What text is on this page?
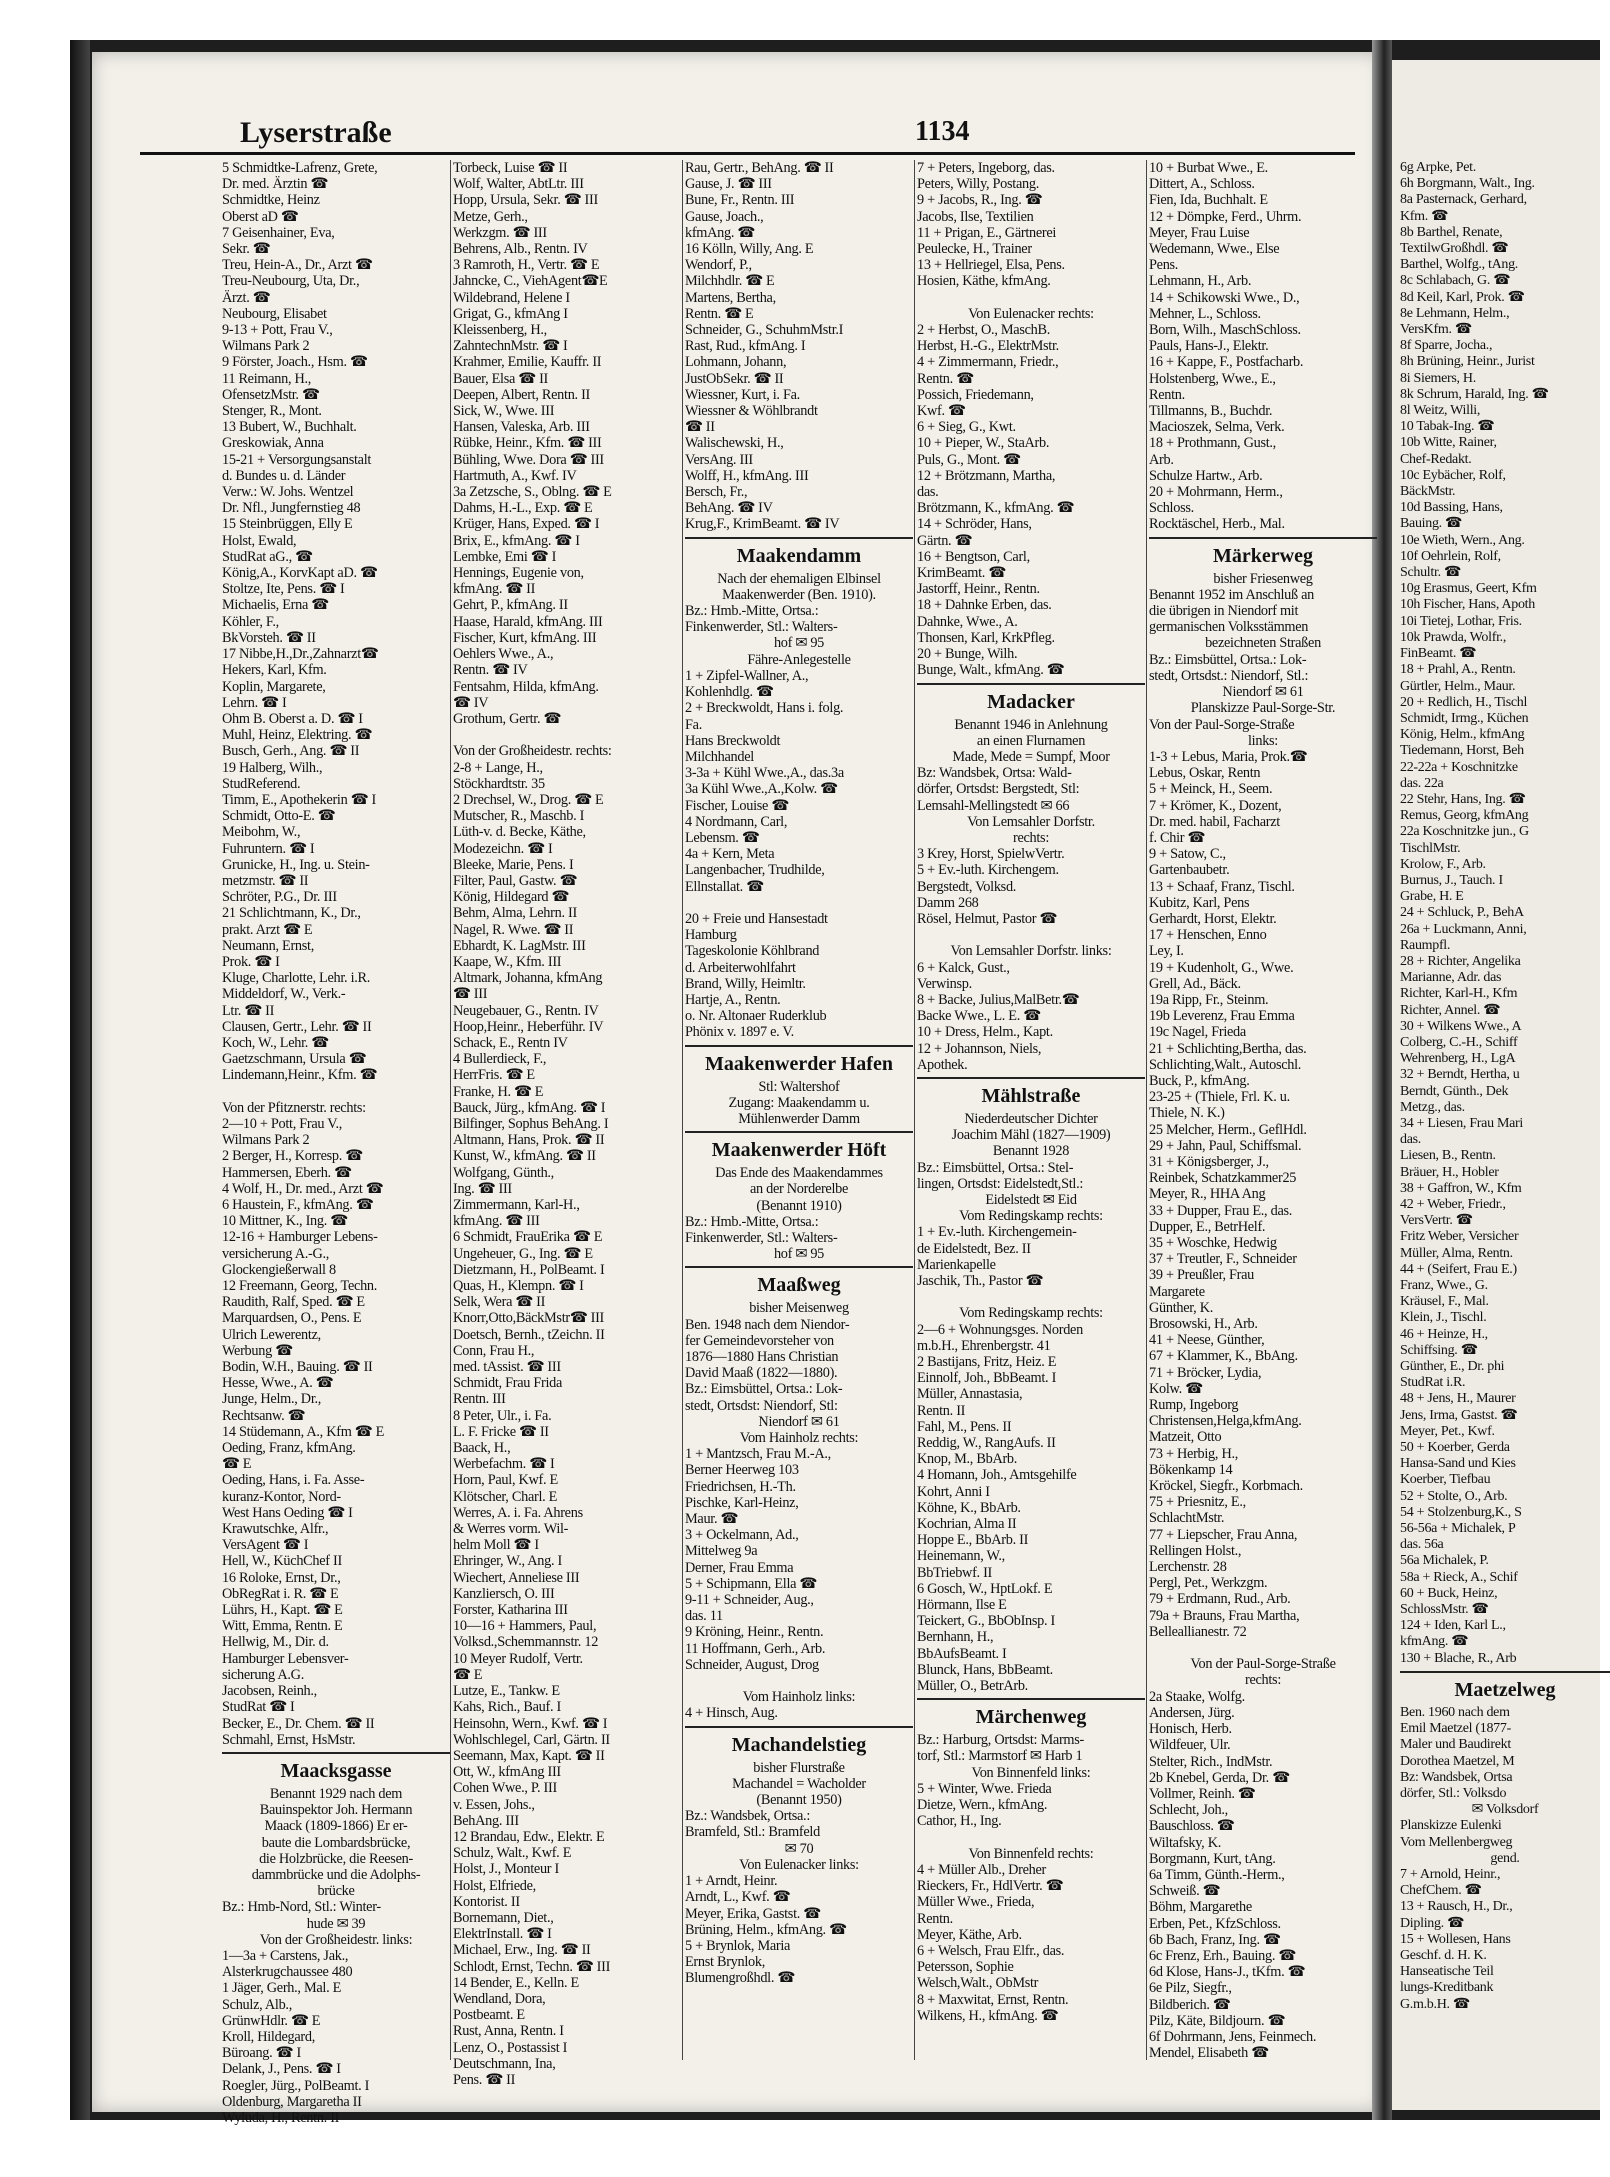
6g Arpke, Pet.
6h Borgmann, Walt., Ing.
8a Pasternack, Gerhard,
Kfm. ☎
8b Barthel, Renate,
TextilwGroßhdl. ☎
Barthel, Wolfg., tAng.
8c Schlabach, G. ☎
8d Keil, Karl, Prok. ☎
8e Lehmann, Helm.,
VersKfm. ☎
8f Sparre, Jocha.,
8h Brüning, Heinr., Jurist
8i Siemers, H.
8k Schrum, Harald, Ing. ☎
8l Weitz, Willi,
10 Tabak-Ing. ☎
10b Witte, Rainer,
Chef-Redakt.
10c Eybächer, Rolf,
BäckMstr.
10d Bassing, Hans,
Bauing. ☎
10e Wieth, Wern., Ang.
10f Oehrlein, Rolf,
Schultr. ☎
10g Erasmus, Geert, Kfm
10h Fischer, Hans, Apoth
10i Tietej, Lothar, Fris.
10k Prawda, Wolfr.,
FinBeamt. ☎
18 + Prahl, A., Rentn.
Gürtler, Helm., Maur.
20 + Redlich, H., Tischl
Schmidt, Irmg., Küchen
König, Helm., kfmAng
Tiedemann, Horst, Beh
22-22a + Koschnitzke
das. 22a
22 Stehr, Hans, Ing. ☎
Remus, Georg, kfmAng
22a Koschnitzke jun., G
TischlMstr.
Krolow, F., Arb.
Burnus, J., Tauch. I
Grabe, H. E
24 + Schluck, P., BehA
26a + Luckmann, Anni,
Raumpfl.
28 + Richter, Angelika
Marianne, Adr. das
Richter, Karl-H., Kfm
Richter, Annel. ☎
30 + Wilkens Wwe., A
Colberg, C.-H., Schiff
Wehrenberg, H., LgA
32 + Berndt, Hertha, u
Berndt, Günth., Dek
Metzg., das.
34 + Liesen, Frau Mari
das.
Liesen, B., Rentn.
Bräuer, H., Hobler
38 + Gaffron, W., Kfm
42 + Weber, Friedr.,
VersVertr. ☎
Fritz Weber, Versicher
Müller, Alma, Rentn.
44 + (Seifert, Frau E.)
Franz, Wwe., G.
Kräusel, F., Mal.
Klein, J., Tischl.
46 + Heinze, H.,
Schiffsing. ☎
Günther, E., Dr. phi
StudRat i.R.
48 + Jens, H., Maurer
Jens, Irma, Gastst. ☎
Meyer, Pet., Kwf.
50 + Koerber, Gerda
Hansa-Sand und Kies
Koerber, Tiefbau
52 + Stolte, O., Arb.
54 + Stolzenburg,K., S
56-56a + Michalek, P
das. 56a
56a Michalek, P.
58a + Rieck, A., Schif
60 + Buck, Heinz,
SchlossMstr. ☎
124 + Iden, Karl L.,
kfmAng. ☎
130 + Blache, R., Arb
Maetzelweg
Ben. 1960 nach dem
Emil Maetzel (1877-
Maler und Baudirekt
Dorothea Maetzel, M
Bz: Wandsbek, Ortsa
dörfer, Stl.: Volksdo
✉ Volksdorf
Planskizze Eulenki
Vom Mellenbergweg
gend.
7 + Arnold, Heinr.,
ChefChem. ☎
13 + Rausch, H., Dr.,
Dipling. ☎
15 + Wollesen, Hans
Geschf. d. H. K.
Hanseatische Teil
lungs-Kreditbank
G.m.b.H. ☎
Lyserstraße	1134
5 Schmidtke-Lafrenz, Grete,
Dr. med. Ärztin ☎
Schmidtke, Heinz
Oberst aD ☎
7 Geisenhainer, Eva,
Sekr. ☎
Treu, Hein-A., Dr., Arzt ☎
Treu-Neubourg, Uta, Dr.,
Ärzt. ☎
Neubourg, Elisabet
9-13 + Pott, Frau V.,
Wilmans Park 2
9 Förster, Joach., Hsm. ☎
11 Reimann, H.,
OfensetzMstr. ☎
Stenger, R., Mont.
13 Bubert, W., Buchhalt.
Greskowiak, Anna
15-21 + Versorgungsanstalt
d. Bundes u. d. Länder
Verw.: W. Johs. Wentzel
Dr. Nfl., Jungfernstieg 48
15 Steinbrüggen, Elly E
Holst, Ewald,
StudRat aG., ☎
König,A., KorvKapt aD. ☎
Stoltze, Ite, Pens. ☎ I
Michaelis, Erna ☎
Köhler, F.,
BkVorsteh. ☎ II
17 Nibbe,H.,Dr.,Zahnarzt☎
Hekers, Karl, Kfm.
Koplin, Margarete,
Lehrn. ☎ I
Ohm B. Oberst a. D. ☎ I
Muhl, Heinz, Elektring. ☎
Busch, Gerh., Ang. ☎ II
19 Halberg, Wilh.,
StudReferend.
Timm, E., Apothekerin ☎ I
Schmidt, Otto-E. ☎
Meibohm, W.,
Fuhruntern. ☎ I
Grunicke, H., Ing. u. Stein-
metzmstr. ☎ II
Schröter, P.G., Dr. III
21 Schlichtmann, K., Dr.,
prakt. Arzt ☎ E
Neumann, Ernst,
Prok. ☎ I
Kluge, Charlotte, Lehr. i.R.
Middeldorf, W., Verk.-
Ltr. ☎ II
Clausen, Gertr., Lehr. ☎ II
Koch, W., Lehr. ☎
Gaetzschmann, Ursula ☎
Lindemann,Heinr., Kfm. ☎

Von der Pfitznerstr. rechts:
2—10 + Pott, Frau V.,
Wilmans Park 2
2 Berger, H., Korresp. ☎
Hammersen, Eberh. ☎
4 Wolf, H., Dr. med., Arzt ☎
6 Haustein, F., kfmAng. ☎
10 Mittner, K., Ing. ☎
12-16 + Hamburger Lebens-
versicherung A.-G.,
Glockengießerwall 8
12 Freemann, Georg, Techn.
Raudith, Ralf, Sped. ☎ E
Marquardsen, O., Pens. E
Ulrich Lewerentz,
Werbung ☎
Bodin, W.H., Bauing. ☎ II
Hesse, Wwe., A. ☎
Junge, Helm., Dr.,
Rechtsanw. ☎
14 Stüdemann, A., Kfm ☎ E
Oeding, Franz, kfmAng.
☎ E
Oeding, Hans, i. Fa. Asse-
kuranz-Kontor, Nord-
West Hans Oeding ☎ I
Krawutschke, Alfr.,
VersAgent ☎ I
Hell, W., KüchChef II
16 Roloke, Ernst, Dr.,
ObRegRat i. R. ☎ E
Lührs, H., Kapt. ☎ E
Witt, Emma, Rentn. E
Hellwig, M., Dir. d.
Hamburger Lebensver-
sicherung A.G.
Jacobsen, Reinh.,
StudRat ☎ I
Becker, E., Dr. Chem. ☎ II
Schmahl, Ernst, HsMstr.
Maacksgasse
Benannt 1929 nach dem
Bauinspektor Joh. Hermann
Maack (1809-1866) Er er-
baute die Lombardsbrücke,
die Holzbrücke, die Reesen-
dammbrücke und die Adolphs-
brücke
Bz.: Hmb-Nord, Stl.: Winter-
hude ✉ 39
Von der Großheidestr. links:
1—3a + Carstens, Jak.,
Alsterkrugchaussee 480
1 Jäger, Gerh., Mal. E
Schulz, Alb.,
GrünwHdlr. ☎ E
Kroll, Hildegard,
Büroang. ☎ I
Delank, J., Pens. ☎ I
Roegler, Jürg., PolBeamt. I
Oldenburg, Margaretha II
Wyluda, H., Rentn. II
Torbeck, Luise ☎ II
Wolf, Walter, AbtLtr. III
Hopp, Ursula, Sekr. ☎ III
Metze, Gerh.,
Werkzgm. ☎ III
Behrens, Alb., Rentn. IV
3 Ramroth, H., Vertr. ☎ E
Jahncke, C., ViehAgent☎E
Wildebrand, Helene I
Grigat, G., kfmAng I
Kleissenberg, H.,
ZahntechnMstr. ☎ I
Krahmer, Emilie, Kauffr. II
Bauer, Elsa ☎ II
Deepen, Albert, Rentn. II
Sick, W., Wwe. III
Hansen, Valeska, Arb. III
Rübke, Heinr., Kfm. ☎ III
Bühling, Wwe. Dora ☎ III
Hartmuth, A., Kwf. IV
3a Zetzsche, S., Oblng. ☎ E
Dahms, H.-L., Exp. ☎ E
Krüger, Hans, Exped. ☎ I
Brix, E., kfmAng. ☎ I
Lembke, Emi ☎ I
Hennings, Eugenie von,
kfmAng. ☎ II
Gehrt, P., kfmAng. II
Haase, Harald, kfmAng. III
Fischer, Kurt, kfmAng. III
Oehlers Wwe., A.,
Rentn. ☎ IV
Fentsahm, Hilda, kfmAng.
☎ IV
Grothum, Gertr. ☎

Von der Großheidestr. rechts:
2-8 + Lange, H.,
Stöckhardtstr. 35
2 Drechsel, W., Drog. ☎ E
Mutscher, R., Maschb. I
Lüth-v. d. Becke, Käthe,
Modezeichn. ☎ I
Bleeke, Marie, Pens. I
Filter, Paul, Gastw. ☎
König, Hildegard ☎
Behm, Alma, Lehrn. II
Nagel, R. Wwe. ☎ II
Ebhardt, K. LagMstr. III
Kaape, W., Kfm. III
Altmark, Johanna, kfmAng
☎ III
Neugebauer, G., Rentn. IV
Hoop,Heinr., Heberführ. IV
Schack, E., Rentn IV
4 Bullerdieck, F.,
HerrFris. ☎ E
Franke, H. ☎ E
Bauck, Jürg., kfmAng. ☎ I
Bilfinger, Sophus BehAng. I
Altmann, Hans, Prok. ☎ II
Kunst, W., kfmAng. ☎ II
Wolfgang, Günth.,
Ing. ☎ III
Zimmermann, Karl-H.,
kfmAng. ☎ III
6 Schmidt, FrauErika ☎ E
Ungeheuer, G., Ing. ☎ E
Dietzmann, H., PolBeamt. I
Quas, H., Klempn. ☎ I
Selk, Wera ☎ II
Knorr,Otto,BäckMstr☎ III
Doetsch, Bernh., tZeichn. II
Conn, Frau H.,
med. tAssist. ☎ III
Schmidt, Frau Frida
Rentn. III
8 Peter, Ulr., i. Fa.
L. F. Fricke ☎ II
Baack, H.,
Werbefachm. ☎ I
Horn, Paul, Kwf. E
Klötscher, Charl. E
Werres, A. i. Fa. Ahrens
& Werres vorm. Wil-
helm Moll ☎ I
Ehringer, W., Ang. I
Wiechert, Anneliese III
Kanzliersch, O. III
Forster, Katharina III
10—16 + Hammers, Paul,
Volksd.,Schemmannstr. 12
10 Meyer Rudolf, Vertr.
☎ E
Lutze, E., Tankw. E
Kahs, Rich., Bauf. I
Heinsohn, Wern., Kwf. ☎ I
Wohlschlegel, Carl, Gärtn. II
Seemann, Max, Kapt. ☎ II
Ott, W., kfmAng III
Cohen Wwe., P. III
v. Essen, Johs.,
BehAng. III
12 Brandau, Edw., Elektr. E
Schulz, Walt., Kwf. E
Holst, J., Monteur I
Holst, Elfriede,
Kontorist. II
Bornemann, Diet.,
ElektrInstall. ☎ I
Michael, Erw., Ing. ☎ II
Schlodt, Ernst, Techn. ☎ III
14 Bender, E., Kelln. E
Wendland, Dora,
Postbeamt. E
Rust, Anna, Rentn. I
Lenz, O., Postassist I
Deutschmann, Ina,
Pens. ☎ II
Rau, Gertr., BehAng. ☎ II
Gause, J. ☎ III
Bune, Fr., Rentn. III
Gause, Joach.,
kfmAng. ☎
16 Kölln, Willy, Ang. E
Wendorf, P.,
Milchhdlr. ☎ E
Martens, Bertha,
Rentn. ☎ E
Schneider, G., SchuhmMstr.I
Rast, Rud., kfmAng. I
Lohmann, Johann,
JustObSekr. ☎ II
Wiessner, Kurt, i. Fa.
Wiessner & Wöhlbrandt
☎ II
Walischewski, H.,
VersAng. III
Wolff, H., kfmAng. III
Bersch, Fr.,
BehAng. ☎ IV
Krug,F., KrimBeamt. ☎ IV
Maakendamm
Nach der ehemaligen Elbinsel
Maakenwerder (Ben. 1910).
Bz.: Hmb.-Mitte, Ortsa.:
Finkenwerder, Stl.: Walters-
hof ✉ 95
Fähre-Anlegestelle
1 + Zipfel-Wallner, A.,
Kohlenhdlg. ☎
2 + Breckwoldt, Hans i. folg.
Fa.
Hans Breckwoldt
Milchhandel
3-3a + Kühl Wwe.,A., das.3a
3a Kühl Wwe.,A.,Kolw. ☎
Fischer, Louise ☎
4 Nordmann, Carl,
Lebensm. ☎
4a + Kern, Meta
Langenbacher, Trudhilde,
Ellnstallat. ☎

20 + Freie und Hansestadt
Hamburg
Tageskolonie Köhlbrand
d. Arbeiterwohlfahrt
Brand, Willy, Heimltr.
Hartje, A., Rentn.
o. Nr. Altonaer Ruderklub
Phönix v. 1897 e. V.
Maakenwerder Hafen
Stl: Waltershof
Zugang: Maakendamm u.
Mühlenwerder Damm
Maakenwerder Höft
Das Ende des Maakendammes
an der Norderelbe
(Benannt 1910)
Bz.: Hmb.-Mitte, Ortsa.:
Finkenwerder, Stl.: Walters-
hof ✉ 95
Maaßweg
bisher Meisenweg
Ben. 1948 nach dem Niendor-
fer Gemeindevorsteher von
1876—1880 Hans Christian
David Maaß (1822—1880).
Bz.: Eimsbüttel, Ortsa.: Lok-
stedt, Ortsdst: Niendorf, Stl:
Niendorf ✉ 61
Vom Hainholz rechts:
1 + Mantzsch, Frau M.-A.,
Berner Heerweg 103
Friedrichsen, H.-Th.
Pischke, Karl-Heinz,
Maur. ☎
3 + Ockelmann, Ad.,
Mittelweg 9a
Derner, Frau Emma
5 + Schipmann, Ella ☎
9-11 + Schneider, Aug.,
das. 11
9 Kröning, Heinr., Rentn.
11 Hoffmann, Gerh., Arb.
Schneider, August, Drog

Vom Hainholz links:
4 + Hinsch, Aug.
Machandelstieg
bisher Flurstraße
Machandel = Wacholder
(Benannt 1950)
Bz.: Wandsbek, Ortsa.:
Bramfeld, Stl.: Bramfeld
✉ 70
Von Eulenacker links:
1 + Arndt, Heinr.
Arndt, L., Kwf. ☎
Meyer, Erika, Gastst. ☎
Brüning, Helm., kfmAng. ☎
5 + Brynlok, Maria
Ernst Brynlok,
Blumengroßhdl. ☎
7 + Peters, Ingeborg, das.
Peters, Willy, Postang.
9 + Jacobs, R., Ing. ☎
Jacobs, Ilse, Textilien
11 + Prigan, E., Gärtnerei
Peulecke, H., Trainer
13 + Hellriegel, Elsa, Pens.
Hosien, Käthe, kfmAng.

Von Eulenacker rechts:
2 + Herbst, O., MaschB.
Herbst, H.-G., ElektrMstr.
4 + Zimmermann, Friedr.,
Rentn. ☎
Possich, Friedemann,
Kwf. ☎
6 + Sieg, G., Kwt.
10 + Pieper, W., StaArb.
Puls, G., Mont. ☎
12 + Brötzmann, Martha,
das.
Brötzmann, K., kfmAng. ☎
14 + Schröder, Hans,
Gärtn. ☎
16 + Bengtson, Carl,
KrimBeamt. ☎
Jastorff, Heinr., Rentn.
18 + Dahnke Erben, das.
Dahnke, Wwe., A.
Thonsen, Karl, KrkPfleg.
20 + Bunge, Wilh.
Bunge, Walt., kfmAng. ☎
Madacker
Benannt 1946 in Anlehnung
an einen Flurnamen
Made, Mede = Sumpf, Moor
Bz: Wandsbek, Ortsa: Wald-
dörfer, Ortsdst: Bergstedt, Stl:
Lemsahl-Mellingstedt ✉ 66
Von Lemsahler Dorfstr.
rechts:
3 Krey, Horst, SpielwVertr.
5 + Ev.-luth. Kirchengem.
Bergstedt, Volksd.
Damm 268
Rösel, Helmut, Pastor ☎

Von Lemsahler Dorfstr. links:
6 + Kalck, Gust.,
Verwinsp.
8 + Backe, Julius,MalBetr.☎
Backe Wwe., L. E. ☎
10 + Dress, Helm., Kapt.
12 + Johannson, Niels,
Apothek.
Mählstraße
Niederdeutscher Dichter
Joachim Mähl (1827—1909)
Benannt 1928
Bz.: Eimsbüttel, Ortsa.: Stel-
lingen, Ortsdst: Eidelstedt,Stl.:
Eidelstedt ✉ Eid
Vom Redingskamp rechts:
1 + Ev.-luth. Kirchengemein-
de Eidelstedt, Bez. II
Marienkapelle
Jaschik, Th., Pastor ☎

Vom Redingskamp rechts:
2—6 + Wohnungsges. Norden
m.b.H., Ehrenbergstr. 41
2 Bastijans, Fritz, Heiz. E
Einnolf, Joh., BbBeamt. I
Müller, Annastasia,
Rentn. II
Fahl, M., Pens. II
Reddig, W., RangAufs. II
Knop, M., BbArb.
4 Homann, Joh., Amtsgehilfe
Kohrt, Anni I
Köhne, K., BbArb.
Kochrian, Alma II
Hoppe E., BbArb. II
Heinemann, W.,
BbTriebwf. II
6 Gosch, W., HptLokf. E
Hörmann, Ilse E
Teickert, G., BbObInsp. I
Bernhann, H.,
BbAufsBeamt. I
Blunck, Hans, BbBeamt.
Müller, O., BetrArb.
Märchenweg
Bz.: Harburg, Ortsdst: Marms-
torf, Stl.: Marmstorf ✉ Harb 1
Von Binnenfeld links:
5 + Winter, Wwe. Frieda
Dietze, Wern., kfmAng.
Cathor, H., Ing.

Von Binnenfeld rechts:
4 + Müller Alb., Dreher
Rieckers, Fr., HdlVertr. ☎
Müller Wwe., Frieda,
Rentn.
Meyer, Käthe, Arb.
6 + Welsch, Frau Elfr., das.
Petersson, Sophie
Welsch,Walt., ObMstr
8 + Maxwitat, Ernst, Rentn.
Wilkens, H., kfmAng. ☎
10 + Burbat Wwe., E.
Dittert, A., Schloss.
Fien, Ida, Buchhalt. E
12 + Dömpke, Ferd., Uhrm.
Meyer, Frau Luise
Wedemann, Wwe., Else
Pens.
Lehmann, H., Arb.
14 + Schikowski Wwe., D.,
Mehner, L., Schloss.
Born, Wilh., MaschSchloss.
Pauls, Hans-J., Elektr.
16 + Kappe, F., Postfacharb.
Holstenberg, Wwe., E.,
Rentn.
Tillmanns, B., Buchdr.
Macioszek, Selma, Verk.
18 + Prothmann, Gust.,
Arb.
Schulze Hartw., Arb.
20 + Mohrmann, Herm.,
Schloss.
Rocktäschel, Herb., Mal.
Märkerweg
bisher Friesenweg
Benannt 1952 im Anschluß an
die übrigen in Niendorf mit
germanischen Volksstämmen
bezeichneten Straßen
Bz.: Eimsbüttel, Ortsa.: Lok-
stedt, Ortsdst.: Niendorf, Stl.:
Niendorf ✉ 61
Planskizze Paul-Sorge-Str.
Von der Paul-Sorge-Straße
links:
1-3 + Lebus, Maria, Prok.☎
Lebus, Oskar, Rentn
5 + Meinck, H., Seem.
7 + Krömer, K., Dozent,
Dr. med. habil, Facharzt
f. Chir ☎
9 + Satow, C.,
Gartenbaubetr.
13 + Schaaf, Franz, Tischl.
Kubitz, Karl, Pens
Gerhardt, Horst, Elektr.
17 + Henschen, Enno
Ley, I.
19 + Kudenholt, G., Wwe.
Grell, Ad., Bäck.
19a Ripp, Fr., Steinm.
19b Leverenz, Frau Emma
19c Nagel, Frieda
21 + Schlichting,Bertha, das.
Schlichting,Walt., Autoschl.
Buck, P., kfmAng.
23-25 + (Thiele, Frl. K. u.
Thiele, N. K.)
25 Melcher, Herm., GeflHdl.
29 + Jahn, Paul, Schiffsmal.
31 + Königsberger, J.,
Reinbek, Schatzkammer25
Meyer, R., HHA Ang
33 + Dupper, Frau E., das.
Dupper, E., BetrHelf.
35 + Woschke, Hedwig
37 + Treutler, F., Schneider
39 + Preußler, Frau
Margarete
Günther, K.
Brosowski, H., Arb.
41 + Neese, Günther,
67 + Klammer, K., BbAng.
71 + Bröcker, Lydia,
Kolw. ☎
Rump, Ingeborg
Christensen,Helga,kfmAng.
Matzeit, Otto
73 + Herbig, H.,
Bökenkamp 14
Kröckel, Siegfr., Korbmach.
75 + Priesnitz, E.,
SchlachtMstr.
77 + Liepscher, Frau Anna,
Rellingen Holst.,
Lerchenstr. 28
Pergl, Pet., Werkzgm.
79 + Erdmann, Rud., Arb.
79a + Brauns, Frau Martha,
Belleallianestr. 72

Von der Paul-Sorge-Straße
rechts:
2a Staake, Wolfg.
Andersen, Jürg.
Honisch, Herb.
Wildfeuer, Ulr.
Stelter, Rich., IndMstr.
2b Knebel, Gerda, Dr. ☎
Vollmer, Reinh. ☎
Schlecht, Joh.,
Bauschloss. ☎
Wiltafsky, K.
Borgmann, Kurt, tAng.
6a Timm, Günth.-Herm.,
Schweiß. ☎
Böhm, Margarethe
Erben, Pet., KfzSchloss.
6b Bach, Franz, Ing. ☎
6c Frenz, Erh., Bauing. ☎
6d Klose, Hans-J., tKfm. ☎
6e Pilz, Siegfr.,
Bildberich. ☎
Pilz, Käte, Bildjourn. ☎
6f Dohrmann, Jens, Feinmech.
Mendel, Elisabeth ☎
